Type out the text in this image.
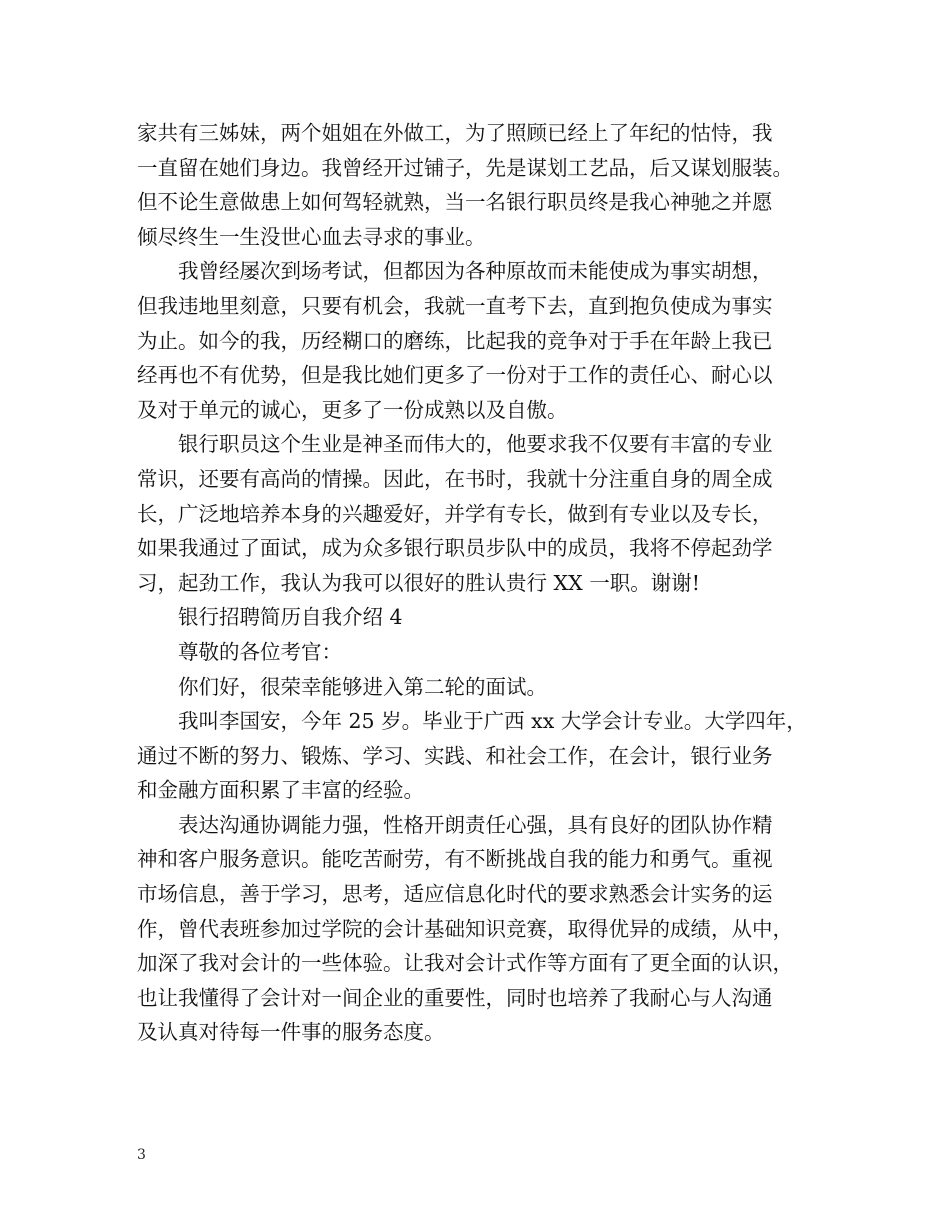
家共有三姊妹，两个姐姐在外做工，为了照顾已经上了年纪的怙恃，我
一直留在她们身边。我曾经开过铺子，先是谋划工艺品，后又谋划服装。
但不论生意做患上如何驾轻就熟，当一名银行职员终是我心神驰之并愿
倾尽终生一生没世心血去寻求的事业。
　　我曾经屡次到场考试，但都因为各种原故而未能使成为事实胡想，
但我违地里刻意，只要有机会，我就一直考下去，直到抱负使成为事实
为止。如今的我，历经糊口的磨练，比起我的竞争对于手在年龄上我已
经再也不有优势，但是我比她们更多了一份对于工作的责任心、耐心以
及对于单元的诚心，更多了一份成熟以及自傲。
　　银行职员这个生业是神圣而伟大的，他要求我不仅要有丰富的专业
常识，还要有高尚的情操。因此，在书时，我就十分注重自身的周全成
长，广泛地培养本身的兴趣爱好，并学有专长，做到有专业以及专长，
如果我通过了面试，成为众多银行职员步队中的成员，我将不停起劲学
习，起劲工作，我认为我可以很好的胜认贵行 XX 一职。谢谢!
　　银行招聘简历自我介绍 4
　　尊敬的各位考官：
　　你们好，很荣幸能够进入第二轮的面试。
　　我叫李国安，今年 25 岁。毕业于广西 xx 大学会计专业。大学四年，
通过不断的努力、锻炼、学习、实践、和社会工作，在会计，银行业务
和金融方面积累了丰富的经验。
　　表达沟通协调能力强，性格开朗责任心强，具有良好的团队协作精
神和客户服务意识。能吃苦耐劳，有不断挑战自我的能力和勇气。重视
市场信息，善于学习，思考，适应信息化时代的要求熟悉会计实务的运
作，曾代表班参加过学院的会计基础知识竞赛，取得优异的成绩，从中，
加深了我对会计的一些体验。让我对会计式作等方面有了更全面的认识，
也让我懂得了会计对一间企业的重要性，同时也培养了我耐心与人沟通
及认真对待每一件事的服务态度。
3
